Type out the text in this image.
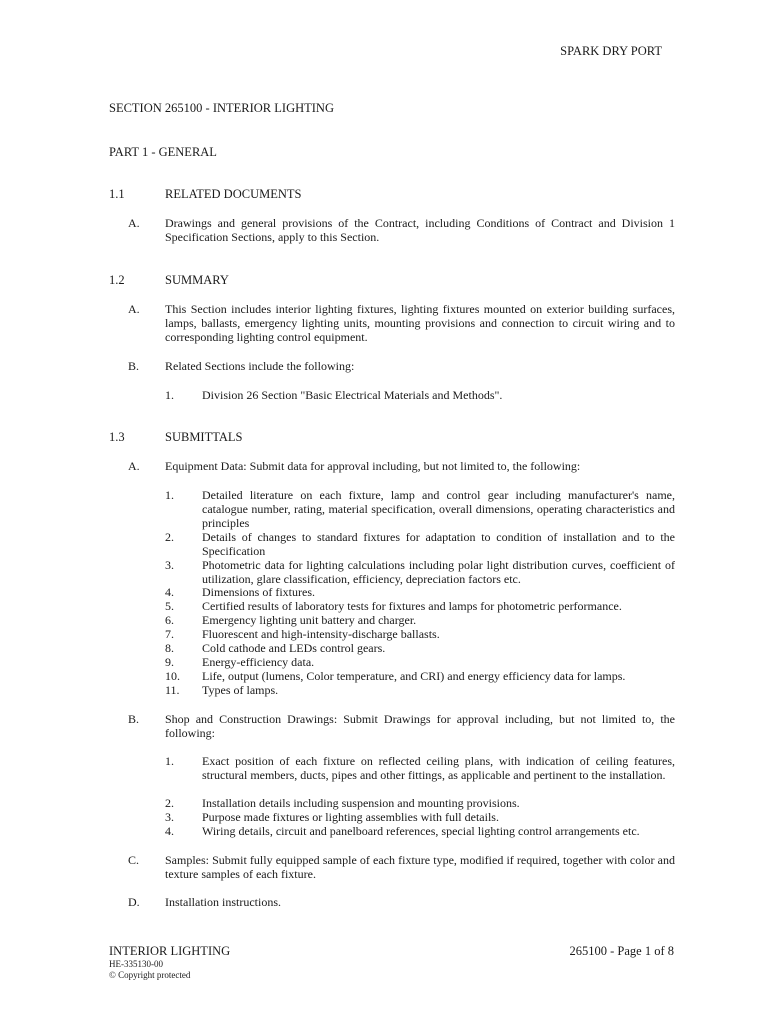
SPARK DRY PORT
SECTION 265100 - INTERIOR LIGHTING
PART 1 - GENERAL
1.1	RELATED DOCUMENTS
A. Drawings and general provisions of the Contract, including Conditions of Contract and Division 1 Specification Sections, apply to this Section.
1.2	SUMMARY
A. This Section includes interior lighting fixtures, lighting fixtures mounted on exterior building surfaces, lamps, ballasts, emergency lighting units, mounting provisions and connection to circuit wiring and to corresponding lighting control equipment.
B. Related Sections include the following:
1. Division 26 Section "Basic Electrical Materials and Methods".
1.3	SUBMITTALS
A. Equipment Data: Submit data for approval including, but not limited to, the following:
1. Detailed literature on each fixture, lamp and control gear including manufacturer's name, catalogue number, rating, material specification, overall dimensions, operating characteristics and principles
2. Details of changes to standard fixtures for adaptation to condition of installation and to the Specification
3. Photometric data for lighting calculations including polar light distribution curves, coefficient of utilization, glare classification, efficiency, depreciation factors etc.
4. Dimensions of fixtures.
5. Certified results of laboratory tests for fixtures and lamps for photometric performance.
6. Emergency lighting unit battery and charger.
7. Fluorescent and high-intensity-discharge ballasts.
8. Cold cathode and LEDs control gears.
9. Energy-efficiency data.
10. Life, output (lumens, Color temperature, and CRI) and energy efficiency data for lamps.
11. Types of lamps.
B. Shop and Construction Drawings: Submit Drawings for approval including, but not limited to, the following:
1. Exact position of each fixture on reflected ceiling plans, with indication of ceiling features, structural members, ducts, pipes and other fittings, as applicable and pertinent to the installation.
2. Installation details including suspension and mounting provisions.
3. Purpose made fixtures or lighting assemblies with full details.
4. Wiring details, circuit and panelboard references, special lighting control arrangements etc.
C. Samples: Submit fully equipped sample of each fixture type, modified if required, together with color and texture samples of each fixture.
D. Installation instructions.
INTERIOR LIGHTING	265100 - Page 1 of 8
HE-335130-00
© Copyright protected
